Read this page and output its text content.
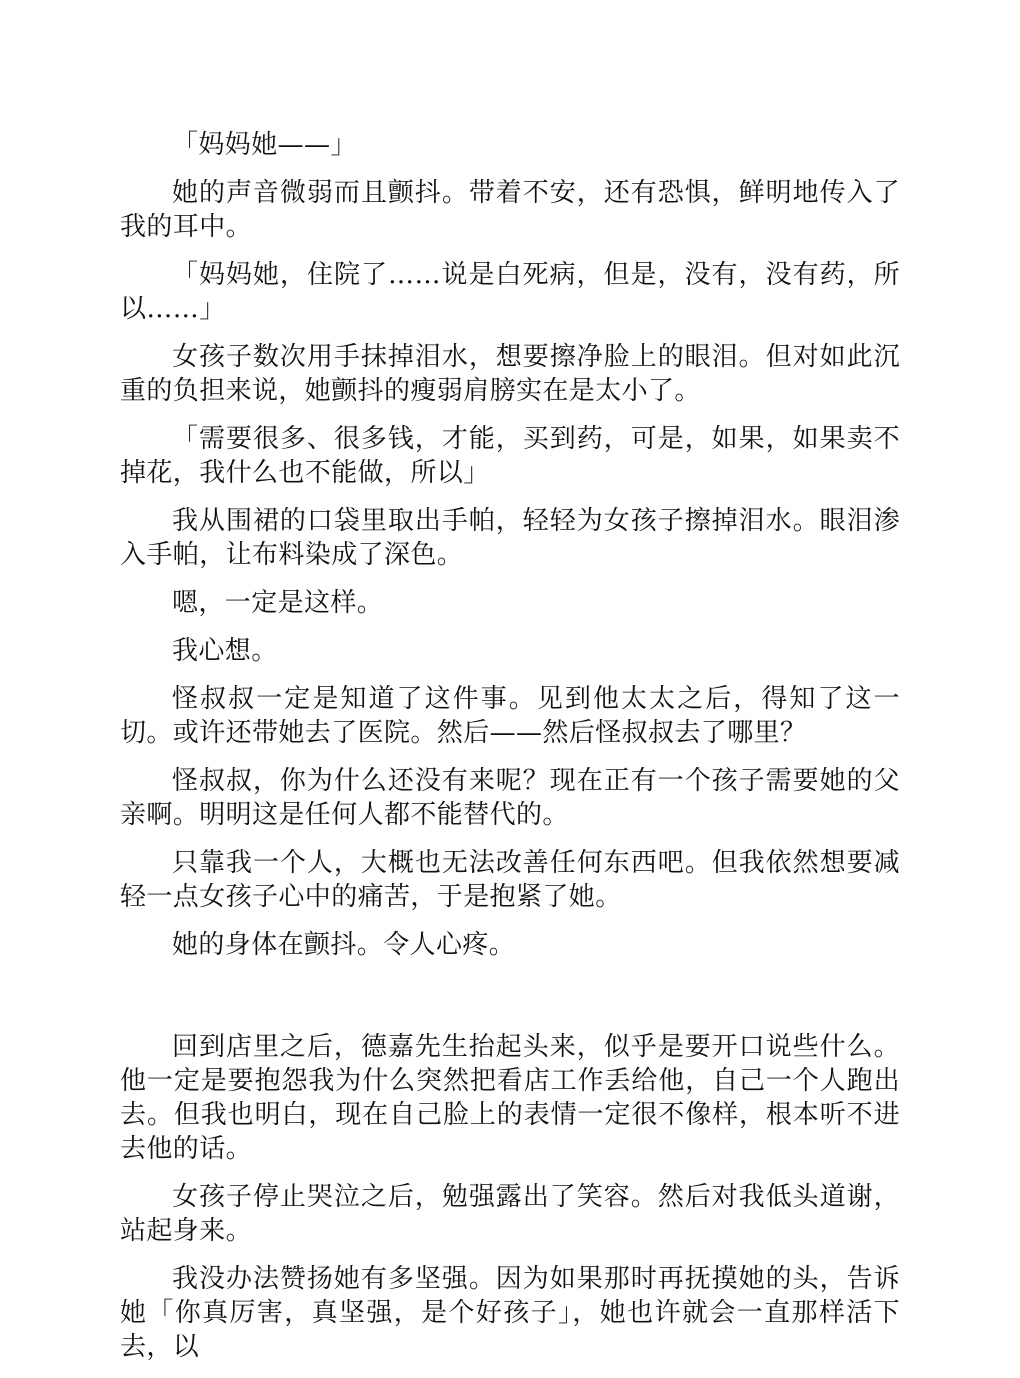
「妈妈她——」

她的声音微弱而且颤抖。带着不安，还有恐惧，鲜明地传入了我的耳中。

「妈妈她，住院了……说是白死病，但是，没有，没有药，所以……」

女孩子数次用手抹掉泪水，想要擦净脸上的眼泪。但对如此沉重的负担来说，她颤抖的瘦弱肩膀实在是太小了。

「需要很多、很多钱，才能，买到药，可是，如果，如果卖不掉花，我什么也不能做，所以」

我从围裙的口袋里取出手帕，轻轻为女孩子擦掉泪水。眼泪渗入手帕，让布料染成了深色。

嗯，一定是这样。

我心想。

怪叔叔一定是知道了这件事。见到他太太之后，得知了这一切。或许还带她去了医院。然后——然后怪叔叔去了哪里？

怪叔叔，你为什么还没有来呢？现在正有一个孩子需要她的父亲啊。明明这是任何人都不能替代的。

只靠我一个人，大概也无法改善任何东西吧。但我依然想要减轻一点女孩子心中的痛苦，于是抱紧了她。

她的身体在颤抖。令人心疼。

回到店里之后，德嘉先生抬起头来，似乎是要开口说些什么。他一定是要抱怨我为什么突然把看店工作丢给他，自己一个人跑出去。但我也明白，现在自己脸上的表情一定很不像样，根本听不进去他的话。

女孩子停止哭泣之后，勉强露出了笑容。然后对我低头道谢，站起身来。

我没办法赞扬她有多坚强。因为如果那时再抚摸她的头，告诉她「你真厉害，真坚强，是个好孩子」，她也许就会一直那样活下去，以
